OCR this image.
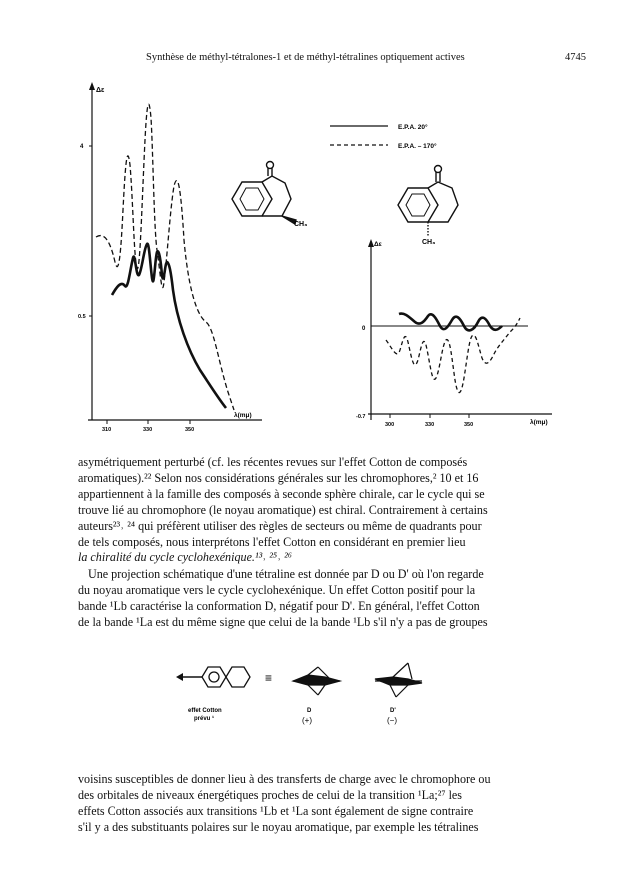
Synthèse de méthyl-tétralones-1 et de méthyl-tétralines optiquement actives	4745
Δε
4
0.5
310	330	350
λ(mμ)
E.P.A. 20°
E.P.A. – 170°
CH₃
CH₃
Δε
0
-0.7
300	330	350	λ(mμ)
asymétriquement perturbé (cf. les récentes revues sur l'effet Cotton de composés
aromatiques).²² Selon nos considérations générales sur les chromophores,² 10 et 16
appartiennent à la famille des composés à seconde sphère chirale, car le cycle qui se
trouve lié au chromophore (le noyau aromatique) est chiral. Contrairement à certains
auteurs²³˒ ²⁴ qui préfèrent utiliser des règles de secteurs ou même de quadrants pour
de tels composés, nous interprétons l'effet Cotton en considérant en premier lieu
la chiralité du cycle cyclohexénique.¹³˒ ²⁵˒ ²⁶
Une projection schématique d'une tétraline est donnée par D ou D' où l'on regarde
du noyau aromatique vers le cycle cyclohexénique. Un effet Cotton positif pour la
bande ¹Lb caractérise la conformation D, négatif pour D'. En général, l'effet Cotton
de la bande ¹La est du même signe que celui de la bande ¹Lb s'il n'y a pas de groupes
≡
effet Cotton
prévu ¹
D
(+)
D'
(−)
voisins susceptibles de donner lieu à des transferts de charge avec le chromophore ou
des orbitales de niveaux énergétiques proches de celui de la transition ¹La;²⁷ les
effets Cotton associés aux transitions ¹Lb et ¹La sont également de signe contraire
s'il y a des substituants polaires sur le noyau aromatique, par exemple les tétralines
